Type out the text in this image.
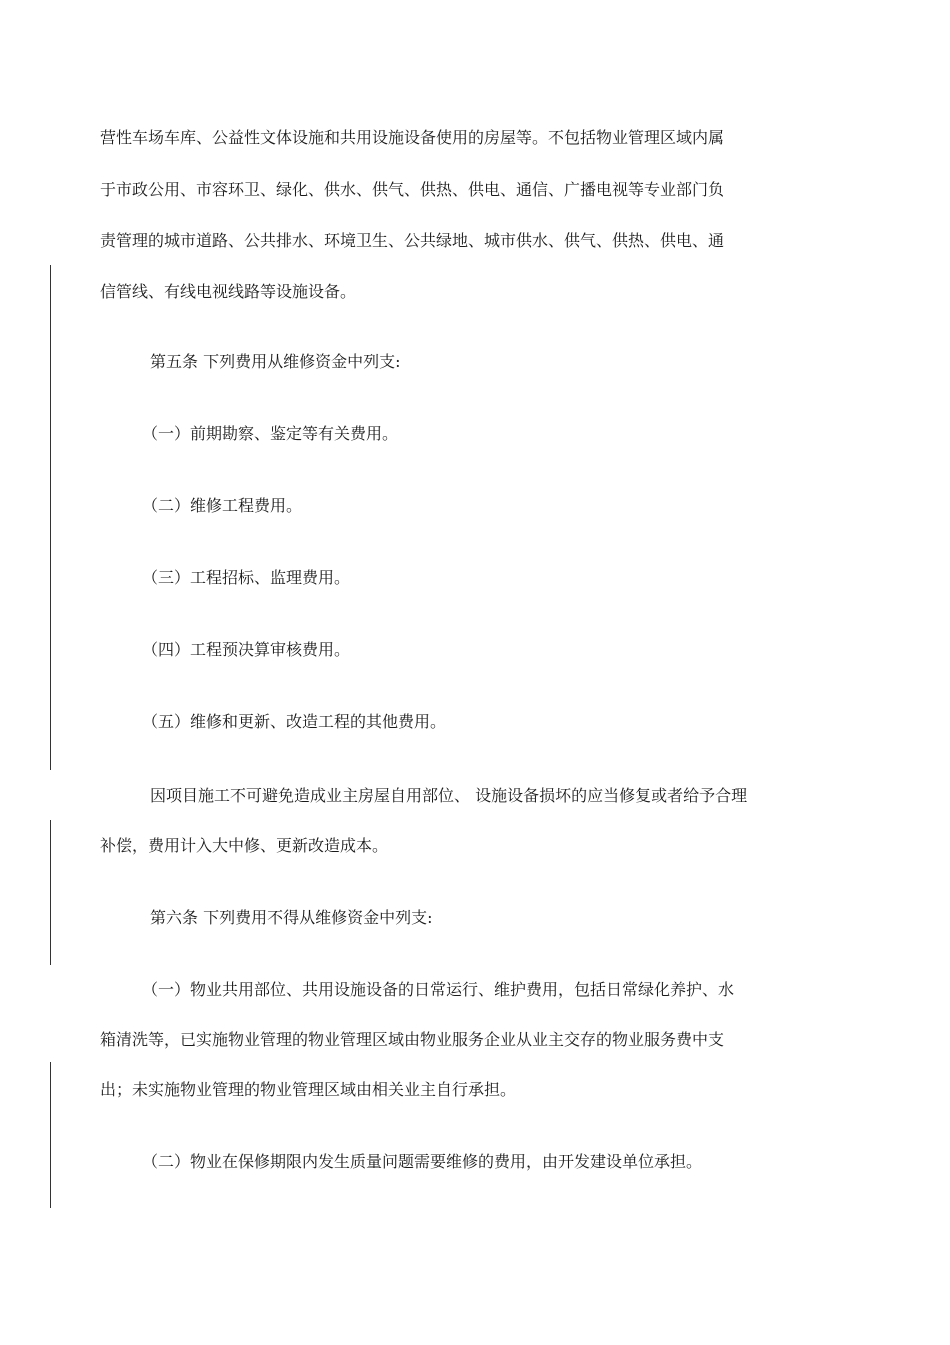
营性车场车库、公益性文体设施和共用设施设备使用的房屋等。不包括物业管理区域内属

于市政公用、市容环卫、绿化、供水、供气、供热、供电、通信、广播电视等专业部门负

责管理的城市道路、公共排水、环境卫生、公共绿地、城市供水、供气、供热、供电、通

信管线、有线电视线路等设施设备。

第五条 下列费用从维修资金中列支:

（一）前期勘察、鉴定等有关费用。

（二）维修工程费用。

（三）工程招标、监理费用。

（四）工程预决算审核费用。

（五）维修和更新、改造工程的其他费用。

因项目施工不可避免造成业主房屋自用部位、 设施设备损坏的应当修复或者给予合理

补偿，费用计入大中修、更新改造成本。

第六条 下列费用不得从维修资金中列支:

（一）物业共用部位、共用设施设备的日常运行、维护费用，包括日常绿化养护、水

箱清洗等，已实施物业管理的物业管理区域由物业服务企业从业主交存的物业服务费中支

出；未实施物业管理的物业管理区域由相关业主自行承担。

（二）物业在保修期限内发生质量问题需要维修的费用，由开发建设单位承担。
